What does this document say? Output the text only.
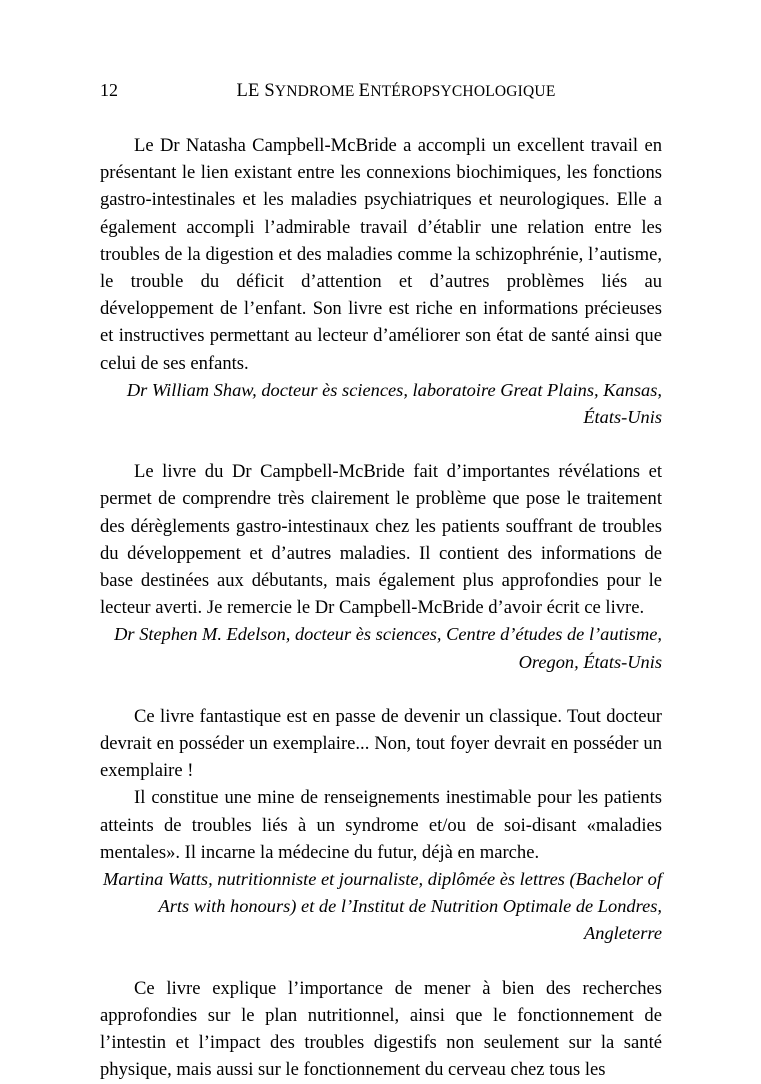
12	LE SYNDROME ENTÉROPSYCHOLOGIQUE

Le Dr Natasha Campbell-McBride a accompli un excellent travail en présentant le lien existant entre les connexions biochimiques, les fonctions gastro-intestinales et les maladies psychiatriques et neurologiques. Elle a également accompli l’admirable travail d’établir une relation entre les troubles de la digestion et des maladies comme la schizophrénie, l’autisme, le trouble du déficit d’attention et d’autres problèmes liés au développement de l’enfant. Son livre est riche en informations précieuses et instructives permettant au lecteur d’améliorer son état de santé ainsi que celui de ses enfants.

Dr William Shaw, docteur ès sciences, laboratoire Great Plains, Kansas, États-Unis

Le livre du Dr Campbell-McBride fait d’importantes révélations et permet de comprendre très clairement le problème que pose le traitement des dérèglements gastro-intestinaux chez les patients souffrant de troubles du développement et d’autres maladies. Il contient des informations de base destinées aux débutants, mais également plus approfondies pour le lecteur averti. Je remercie le Dr Campbell-McBride d’avoir écrit ce livre.

Dr Stephen M. Edelson, docteur ès sciences, Centre d’études de l’autisme, Oregon, États-Unis

Ce livre fantastique est en passe de devenir un classique. Tout docteur devrait en posséder un exemplaire... Non, tout foyer devrait en posséder un exemplaire !

Il constitue une mine de renseignements inestimable pour les patients atteints de troubles liés à un syndrome et/ou de soi-disant «maladies mentales». Il incarne la médecine du futur, déjà en marche.

Martina Watts, nutritionniste et journaliste, diplômée ès lettres (Bachelor of Arts with honours) et de l’Institut de Nutrition Optimale de Londres, Angleterre

Ce livre explique l’importance de mener à bien des recherches approfondies sur le plan nutritionnel, ainsi que le fonctionnement de l’intestin et l’impact des troubles digestifs non seulement sur la santé physique, mais aussi sur le fonctionnement du cerveau chez tous les
